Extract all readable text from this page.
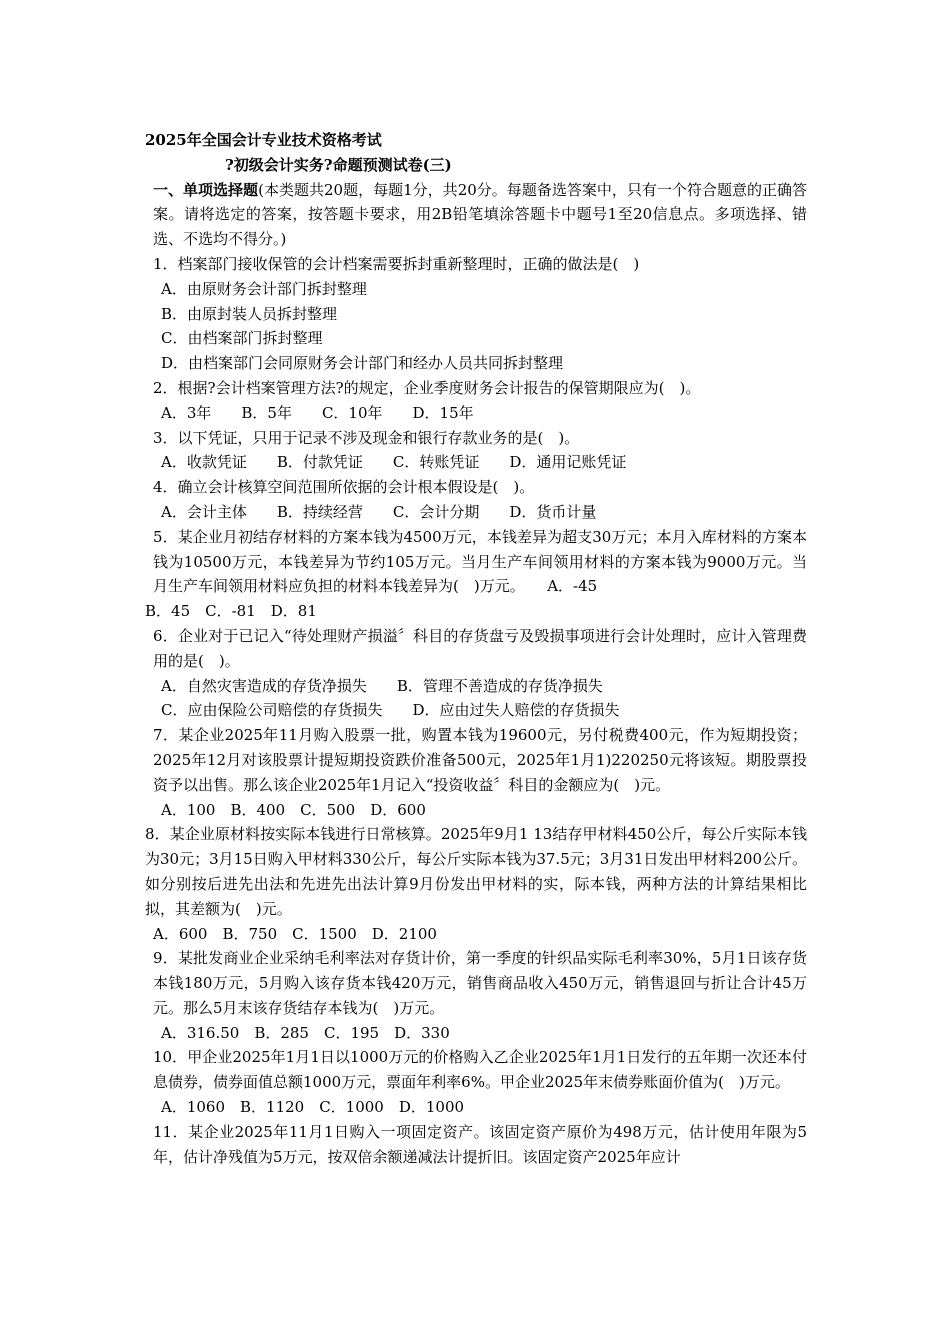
2025年全国会计专业技术资格考试

?初级会计实务?命题预测试卷(三)

一、单项选择题(本类题共20题，每题1分，共20分。每题备选答案中，只有一个符合题意的正确答案。请将选定的答案，按答题卡要求，用2B铅笔填涂答题卡中题号1至20信息点。多项选择、错选、不选均不得分。)

1．档案部门接收保管的会计档案需要拆封重新整理时，正确的做法是(　)

A．由原财务会计部门拆封整理

B．由原封装人员拆封整理

C．由档案部门拆封整理

D．由档案部门会同原财务会计部门和经办人员共同拆封整理

2．根据?会计档案管理方法?的规定，企业季度财务会计报告的保管期限应为(　)。

A．3年　　B．5年　　C．10年　　D．15年

3．以下凭证，只用于记录不涉及现金和银行存款业务的是(　)。

A．收款凭证　　B．付款凭证　　C．转账凭证　　D．通用记账凭证

4．确立会计核算空间范围所依据的会计根本假设是(　)。

A．会计主体　　B．持续经营　　C．会计分期　　D．货币计量

5．某企业月初结存材料的方案本钱为4500万元，本钱差异为超支30万元；本月入库材料的方案本钱为10500万元，本钱差异为节约105万元。当月生产车间领用材料的方案本钱为9000万元。当月生产车间领用材料应负担的材料本钱差异为(　)万元。　　A．-45

B．45　C．-81　D．81

6．企业对于已记入“待处理财产损溢〞科目的存货盘亏及毁损事项进行会计处理时，应计入管理费用的是(　)。

A．自然灾害造成的存货净损失　　B．管理不善造成的存货净损失

C．应由保险公司赔偿的存货损失　　D．应由过失人赔偿的存货损失

7．某企业2025年11月购入股票一批，购置本钱为19600元，另付税费400元，作为短期投资；2025年12月对该股票计提短期投资跌价准备500元，2025年1月1)220250元将该短。期股票投资予以出售。那么该企业2025年1月记入“投资收益〞科目的金额应为(　)元。

A．100　B．400　C．500　D．600

8．某企业原材料按实际本钱进行日常核算。2025年9月1 13结存甲材料450公斤，每公斤实际本钱为30元；3月15日购入甲材料330公斤，每公斤实际本钱为37.5元；3月31日发出甲材料200公斤。如分别按后进先出法和先进先出法计算9月份发出甲材料的实，际本钱，两种方法的计算结果相比拟，其差额为(　)元。

A．600　B．750　C．1500　D．2100

9．某批发商业企业采纳毛利率法对存货计价，第一季度的针织品实际毛利率30%，5月1日该存货本钱180万元，5月购入该存货本钱420万元，销售商品收入450万元，销售退回与折让合计45万元。那么5月末该存货结存本钱为(　)万元。

A．316.50　B．285　C．195　D．330

10．甲企业2025年1月1日以1000万元的价格购入乙企业2025年1月1日发行的五年期一次还本付息债券，债券面值总额1000万元，票面年利率6%。甲企业2025年末债券账面价值为(　)万元。

A．1060　B．1120　C．1000　D．1000

11．某企业2025年11月1日购入一项固定资产。该固定资产原价为498万元，估计使用年限为5年，估计净残值为5万元，按双倍余额递减法计提折旧。该固定资产2025年应计
